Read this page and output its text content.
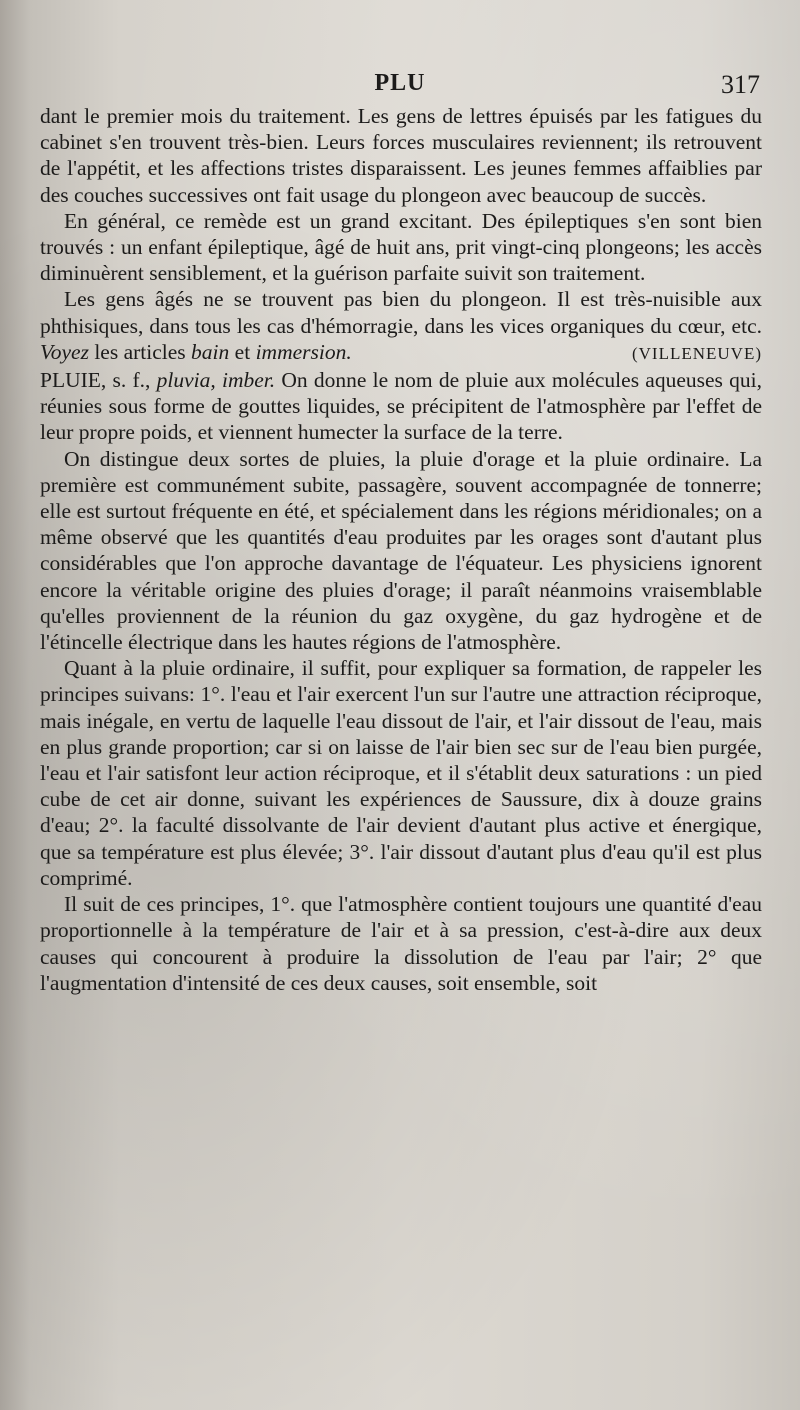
PLU	317

dant le premier mois du traitement. Les gens de lettres épuisés par les fatigues du cabinet s'en trouvent très-bien. Leurs forces musculaires reviennent; ils retrouvent de l'appétit, et les affections tristes disparaissent. Les jeunes femmes affaiblies par des couches successives ont fait usage du plongeon avec beaucoup de succès.

En général, ce remède est un grand excitant. Des épileptiques s'en sont bien trouvés : un enfant épileptique, âgé de huit ans, prit vingt-cinq plongeons; les accès diminuèrent sensiblement, et la guérison parfaite suivit son traitement.

Les gens âgés ne se trouvent pas bien du plongeon. Il est très-nuisible aux phthisiques, dans tous les cas d'hémorragie, dans les vices organiques du cœur, etc. Voyez les articles bain et immersion.	(VILLENEUVE)

PLUIE, s. f., pluvia, imber. On donne le nom de pluie aux molécules aqueuses qui, réunies sous forme de gouttes liquides, se précipitent de l'atmosphère par l'effet de leur propre poids, et viennent humecter la surface de la terre.

On distingue deux sortes de pluies, la pluie d'orage et la pluie ordinaire. La première est communément subite, passagère, souvent accompagnée de tonnerre; elle est surtout fréquente en été, et spécialement dans les régions méridionales; on a même observé que les quantités d'eau produites par les orages sont d'autant plus considérables que l'on approche davantage de l'équateur. Les physiciens ignorent encore la véritable origine des pluies d'orage; il paraît néanmoins vraisemblable qu'elles proviennent de la réunion du gaz oxygène, du gaz hydrogène et de l'étincelle électrique dans les hautes régions de l'atmosphère.

Quant à la pluie ordinaire, il suffit, pour expliquer sa formation, de rappeler les principes suivans: 1°. l'eau et l'air exercent l'un sur l'autre une attraction réciproque, mais inégale, en vertu de laquelle l'eau dissout de l'air, et l'air dissout de l'eau, mais en plus grande proportion; car si on laisse de l'air bien sec sur de l'eau bien purgée, l'eau et l'air satisfont leur action réciproque, et il s'établit deux saturations : un pied cube de cet air donne, suivant les expériences de Saussure, dix à douze grains d'eau; 2°. la faculté dissolvante de l'air devient d'autant plus active et énergique, que sa température est plus élevée; 3°. l'air dissout d'autant plus d'eau qu'il est plus comprimé.

Il suit de ces principes, 1°. que l'atmosphère contient toujours une quantité d'eau proportionnelle à la température de l'air et à sa pression, c'est-à-dire aux deux causes qui concourent à produire la dissolution de l'eau par l'air; 2° que l'augmentation d'intensité de ces deux causes, soit ensemble, soit
